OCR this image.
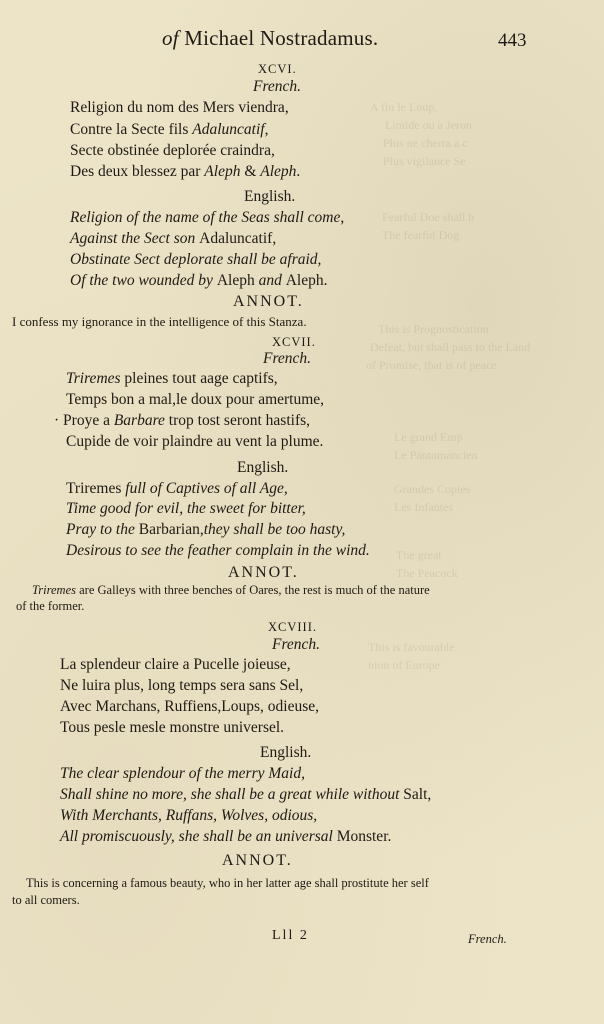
A fin le Loup,
Limide ou a Jeron
Plus ne cherra a c
Plus vigilance Se
Fearful Doe shall b
The fearful Dog
This is Prognostication
Defeat, but shall pass to the Land
of Promise, that is of peace
Le grand Emp
Le Pantomancien
Grandes Copies
Les Infantes
The great
The Peacock
This is favourable
nion of Europe
of Michael Nostradamus.	443
XCVI.
French.
Religion du nom des Mers viendra,
Contre la Secte fils Adaluncatif,
Secte obstinée deplorée craindra,
Des deux blessez par Aleph & Aleph.
English.
Religion of the name of the Seas shall come,
Against the Sect son Adaluncatif,
Obstinate Sect deplorate shall be afraid,
Of the two wounded by Aleph and Aleph.
ANNOT.
I confess my ignorance in the intelligence of this Stanza.
XCVII.
French.
Triremes pleines tout aage captifs,
Temps bon a mal,le doux pour amertume,
· Proye a Barbare trop tost seront hastifs,
Cupide de voir plaindre au vent la plume.
English.
Triremes full of Captives of all Age,
Time good for evil, the sweet for bitter,
Pray to the Barbarian,they shall be too hasty,
Desirous to see the feather complain in the wind.
ANNOT.
Triremes are Galleys with three benches of Oares, the rest is much of the nature
of the former.
XCVIII.
French.
La splendeur claire a Pucelle joieuse,
Ne luira plus, long temps sera sans Sel,
Avec Marchans, Ruffiens,Loups, odieuse,
Tous pesle mesle monstre universel.
English.
The clear splendour of the merry Maid,
Shall shine no more, she shall be a great while without Salt,
With Merchants, Ruffans, Wolves, odious,
All promiscuously, she shall be an universal Monster.
ANNOT.
This is concerning a famous beauty, who in her latter age shall prostitute her self
to all comers.
Lll 2	French.
